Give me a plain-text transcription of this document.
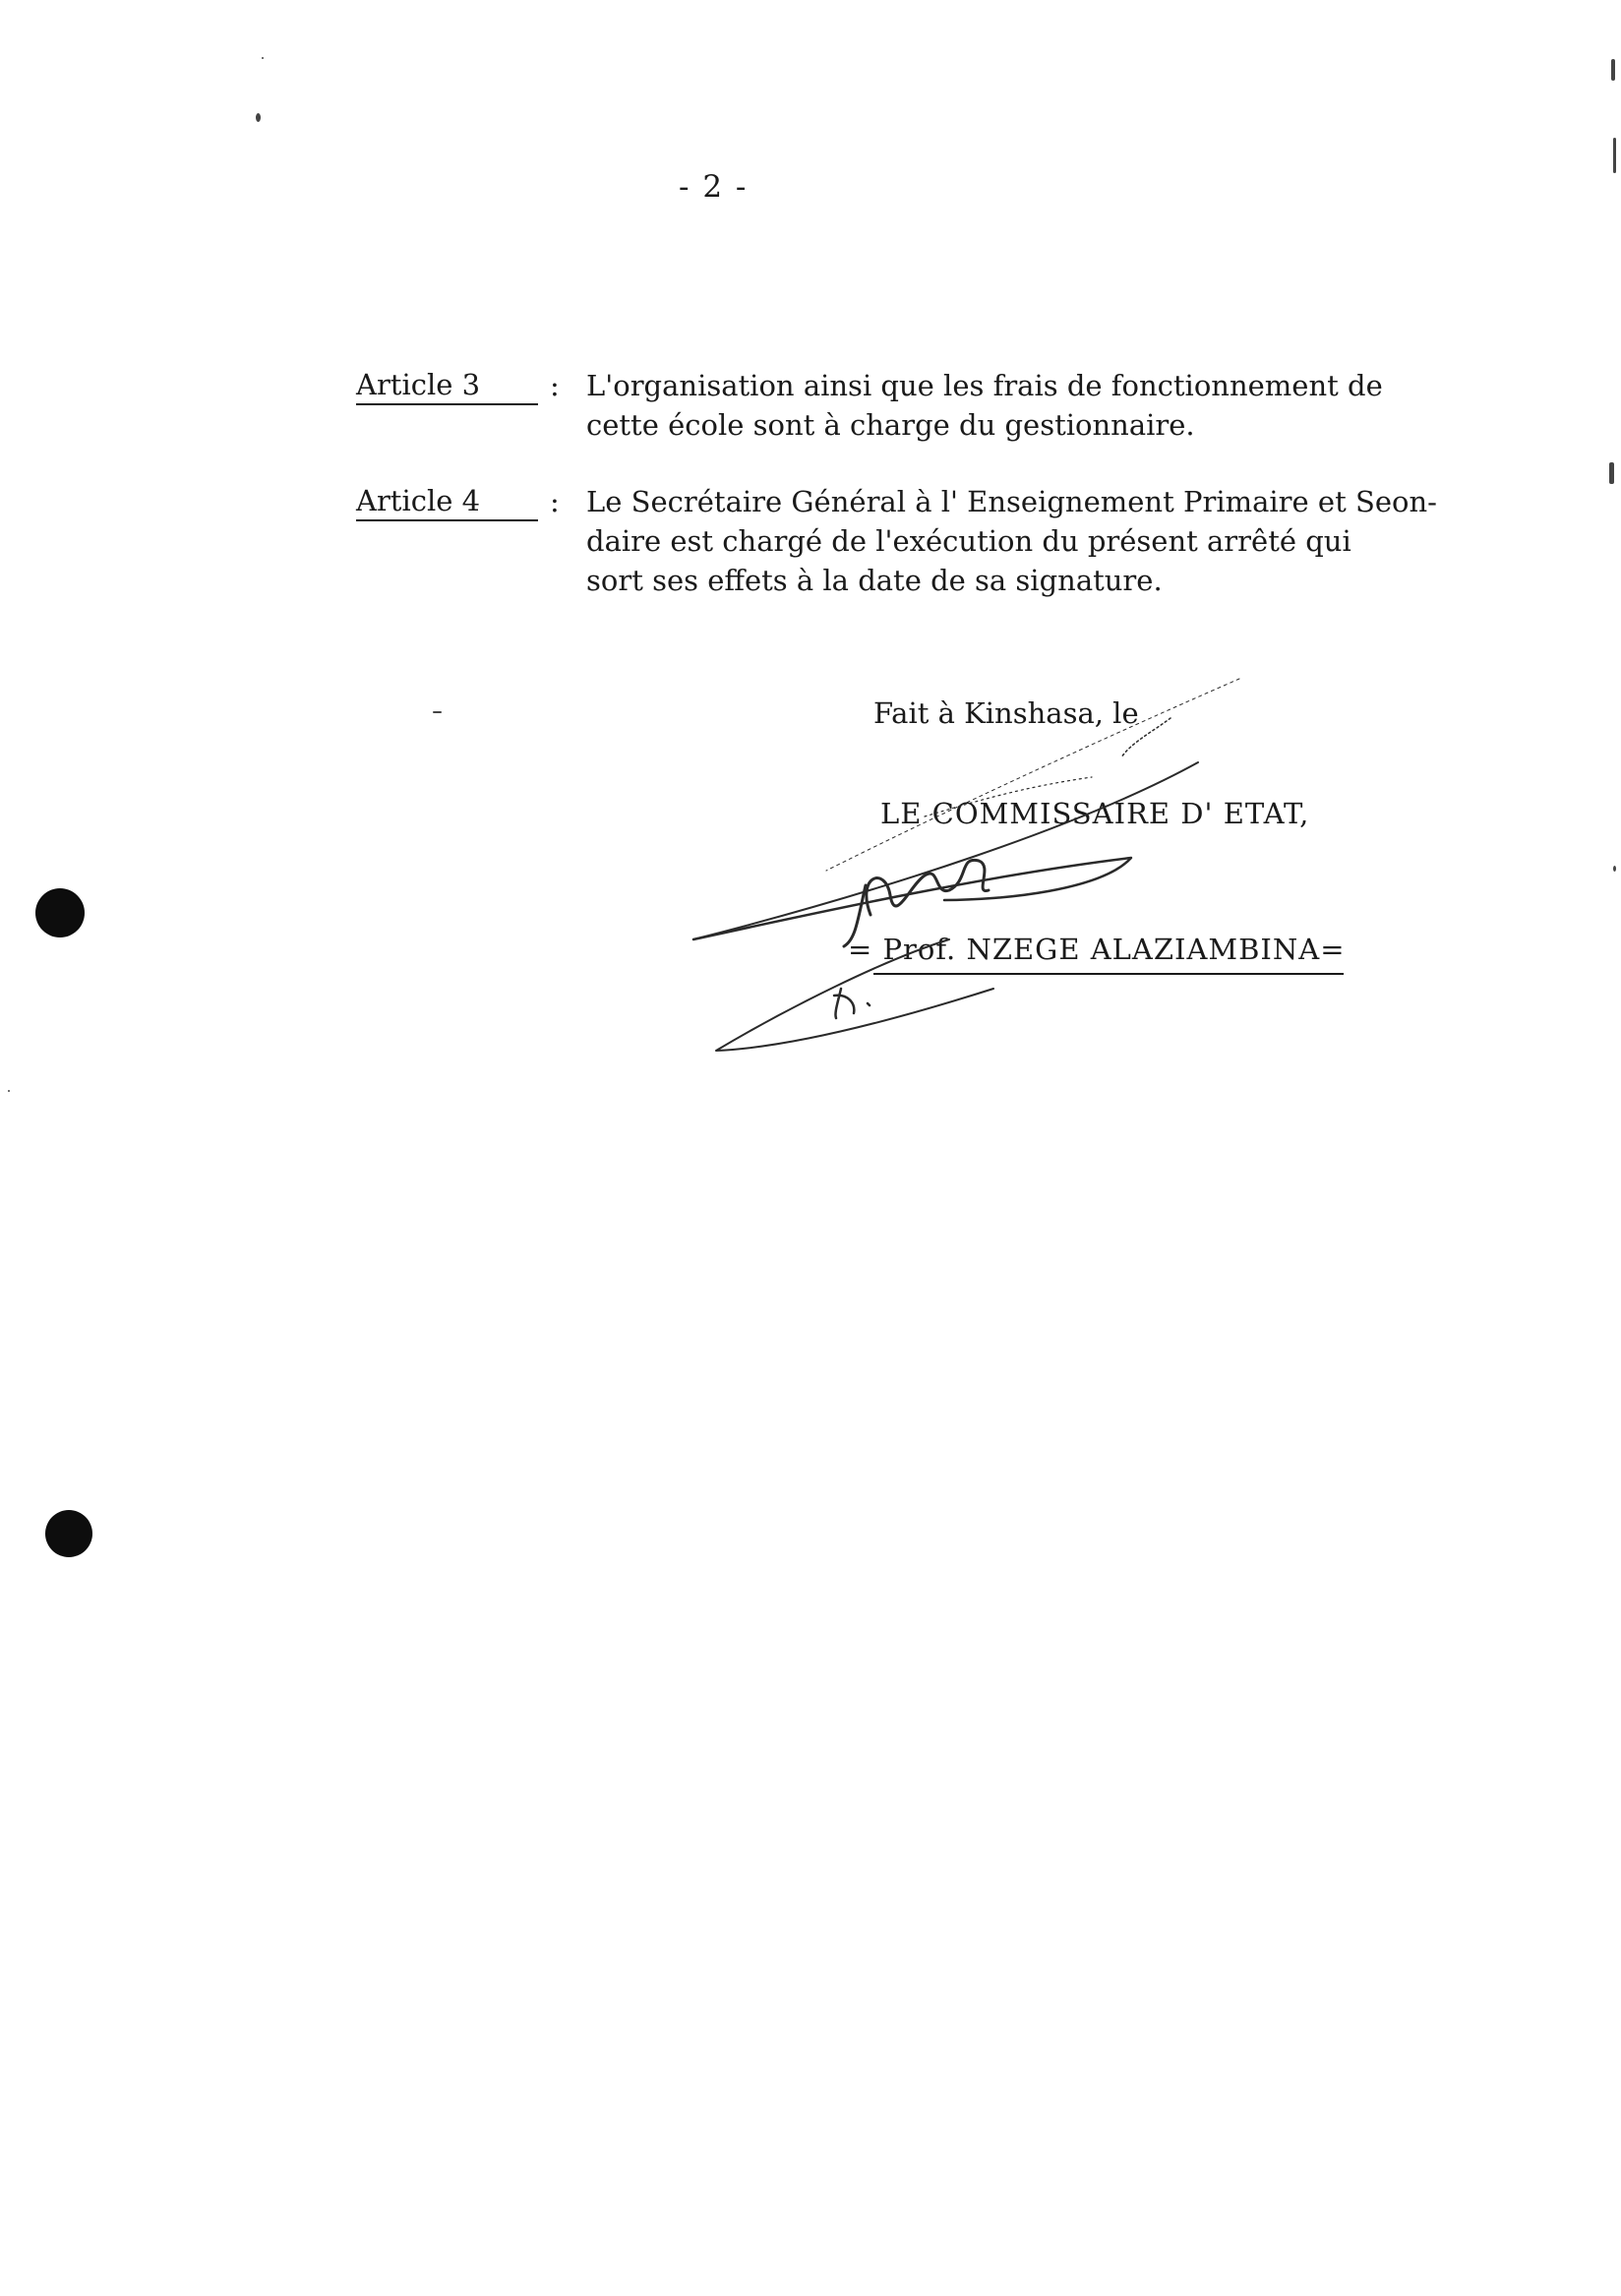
- 2 -
Article 3	: L'organisation ainsi que les frais de fonctionnement de
cette école sont à charge du gestionnaire.
Article 4	: Le Secrétaire Général à l' Enseignement Primaire et Seon-
daire est chargé de l'exécution du présent arrêté qui
sort ses effets à la date de sa signature.
Fait à Kinshasa, le
LE COMMISSAIRE D' ETAT,
= Prof. NZEGE ALAZIAMBINA=
